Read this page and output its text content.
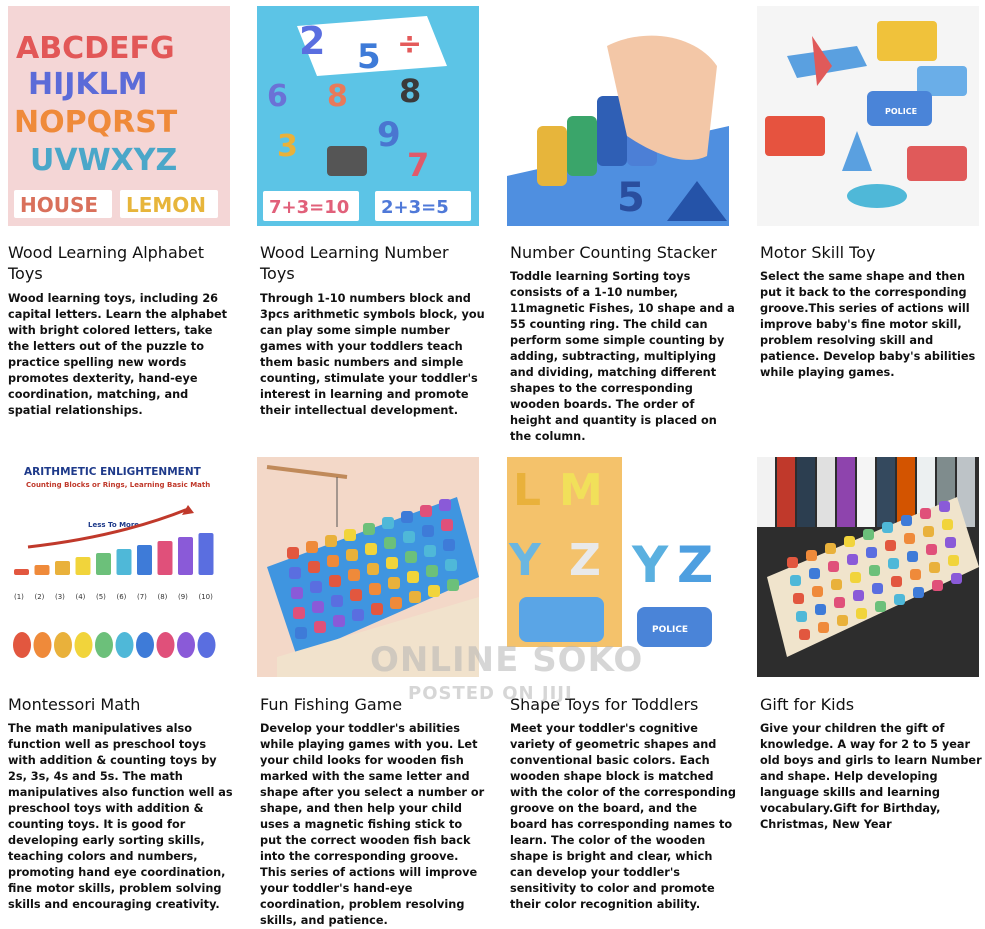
ABCDEFG
HIJKLM
NOPQRST
UVWXYZ
HOUSE LEMON
Wood Learning Alphabet Toys
Wood learning toys, including 26 capital letters. Learn the alphabet with bright colored letters, take the letters out of the puzzle to practice spelling new words promotes dexterity, hand-eye coordination, matching, and spatial relationships.
2 5 ÷
6 8 8
9
3	7
7+3=10 2+3=5
Wood Learning Number Toys
Through 1-10 numbers block and 3pcs arithmetic symbols block, you can play some simple number games with your toddlers teach them basic numbers and simple counting, stimulate your toddler's interest in learning and promote their intellectual development.
5
Number Counting Stacker
Toddle learning Sorting toys consists of a 1-10 number, 11magnetic Fishes, 10 shape and a 55 counting ring. The child can perform some simple counting by adding, subtracting, multiplying and dividing, matching different shapes to the corresponding wooden boards. The order of height and quantity is placed on the column.
POLICE
Motor Skill Toy
Select the same shape and then put it back to the corresponding groove.This series of actions will improve baby's fine motor skill, problem resolving skill and patience. Develop baby's abilities while playing games.
ARITHMETIC ENLIGHTENMENT
Counting Blocks or Rings, Learning Basic Math
Less To More
(1) (2) (3) (4) (5) (6) (7) (8) (9) (10)
Montessori Math
The math manipulatives also function well as preschool toys with addition & counting toys by 2s, 3s, 4s and 5s. The math manipulatives also function well as preschool toys with addition & counting toys. It is good for developing early sorting skills, teaching colors and numbers, promoting hand eye coordination, fine motor skills, problem solving skills and encouraging creativity.
Fun Fishing Game
Develop your toddler's abilities while playing games with you. Let your child looks for wooden fish marked with the same letter and shape after you select a number or shape, and then help your child uses a magnetic fishing stick to put the correct wooden fish back into the corresponding groove. This series of actions will improve your toddler's hand-eye coordination, problem resolving skills, and patience.
L M
Y Z Y Z
POLICE
Shape Toys for Toddlers
Meet your toddler's cognitive variety of geometric shapes and conventional basic colors. Each wooden shape block is matched with the color of the corresponding groove on the board, and the board has corresponding names to learn. The color of the wooden shape is bright and clear, which can develop your toddler's sensitivity to color and promote their color recognition ability.
Gift for Kids
Give your children the gift of knowledge. A way for 2 to 5 year old boys and girls to learn Number and shape. Help developing language skills and learning vocabulary.Gift for Birthday, Christmas, New Year
ONLINE SOKO
POSTED ON JIJI
